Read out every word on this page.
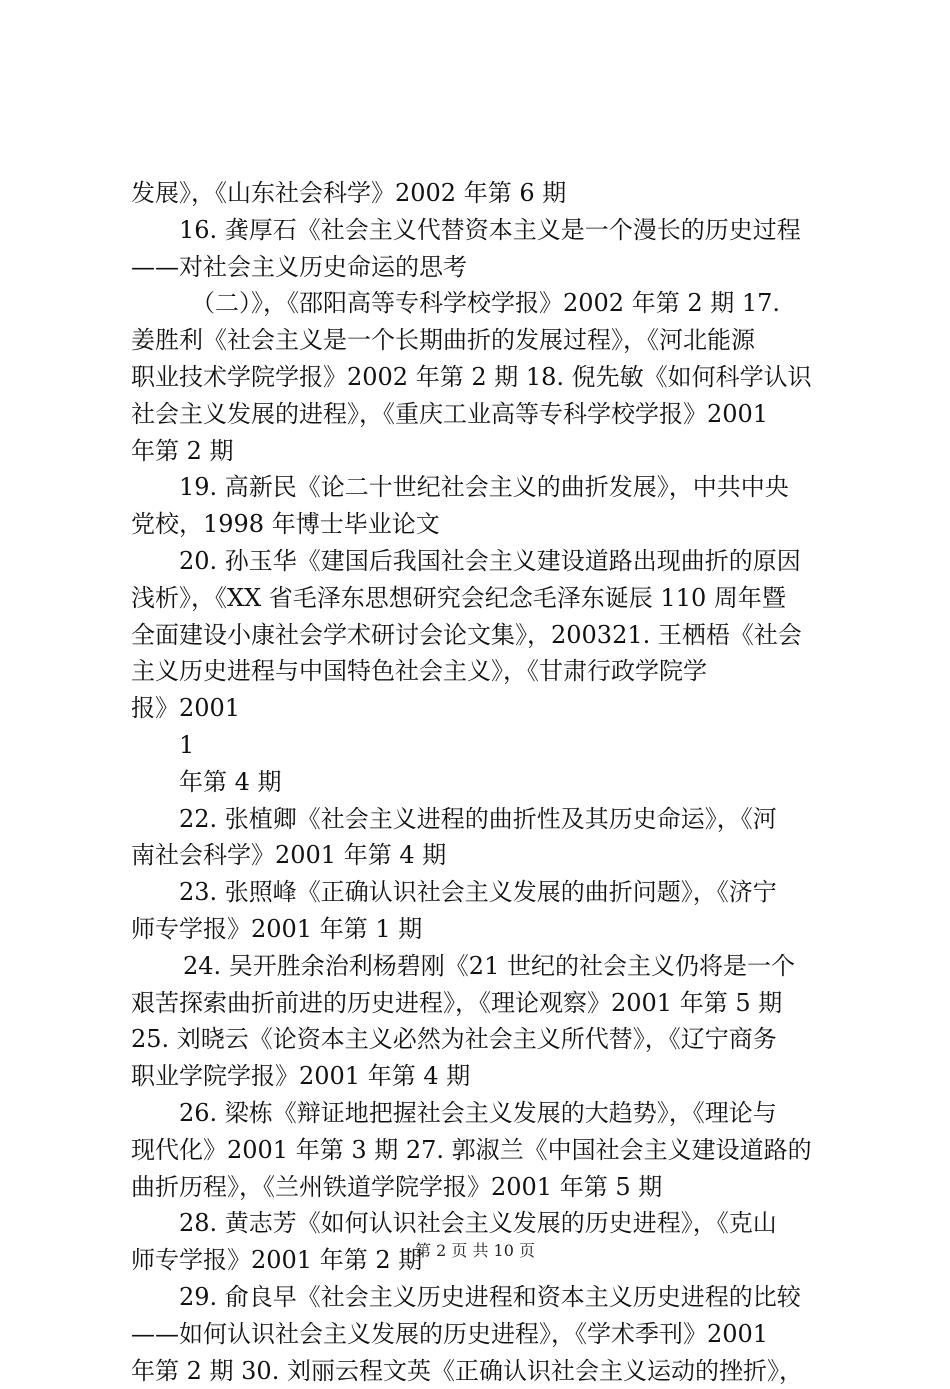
发展》，《山东社会科学》2002 年第 6 期
16. 龚厚石《社会主义代替资本主义是一个漫长的历史过程
——对社会主义历史命运的思考
（二）》，《邵阳高等专科学校学报》2002 年第 2 期 17.
姜胜利《社会主义是一个长期曲折的发展过程》，《河北能源
职业技术学院学报》2002 年第 2 期 18. 倪先敏《如何科学认识
社会主义发展的进程》，《重庆工业高等专科学校学报》2001
年第 2 期
19. 高新民《论二十世纪社会主义的曲折发展》，中共中央
党校，1998 年博士毕业论文
20. 孙玉华《建国后我国社会主义建设道路出现曲折的原因
浅析》，《XX 省毛泽东思想研究会纪念毛泽东诞辰 110 周年暨
全面建设小康社会学术研讨会论文集》，200321. 王栖梧《社会
主义历史进程与中国特色社会主义》，《甘肃行政学院学
报》2001
1
年第 4 期
22. 张植卿《社会主义进程的曲折性及其历史命运》，《河
南社会科学》2001 年第 4 期
23. 张照峰《正确认识社会主义发展的曲折问题》，《济宁
师专学报》2001 年第 1 期
24. 吴开胜余治利杨碧刚《21 世纪的社会主义仍将是一个
艰苦探索曲折前进的历史进程》，《理论观察》2001 年第 5 期
25. 刘晓云《论资本主义必然为社会主义所代替》，《辽宁商务
职业学院学报》2001 年第 4 期
26. 梁栋《辩证地把握社会主义发展的大趋势》，《理论与
现代化》2001 年第 3 期 27. 郭淑兰《中国社会主义建设道路的
曲折历程》，《兰州铁道学院学报》2001 年第 5 期
28. 黄志芳《如何认识社会主义发展的历史进程》，《克山
师专学报》2001 年第 2 期
29. 俞良早《社会主义历史进程和资本主义历史进程的比较
——如何认识社会主义发展的历史进程》，《学术季刊》2001
年第 2 期 30. 刘丽云程文英《正确认识社会主义运动的挫折》，
第 2 页 共 10 页
